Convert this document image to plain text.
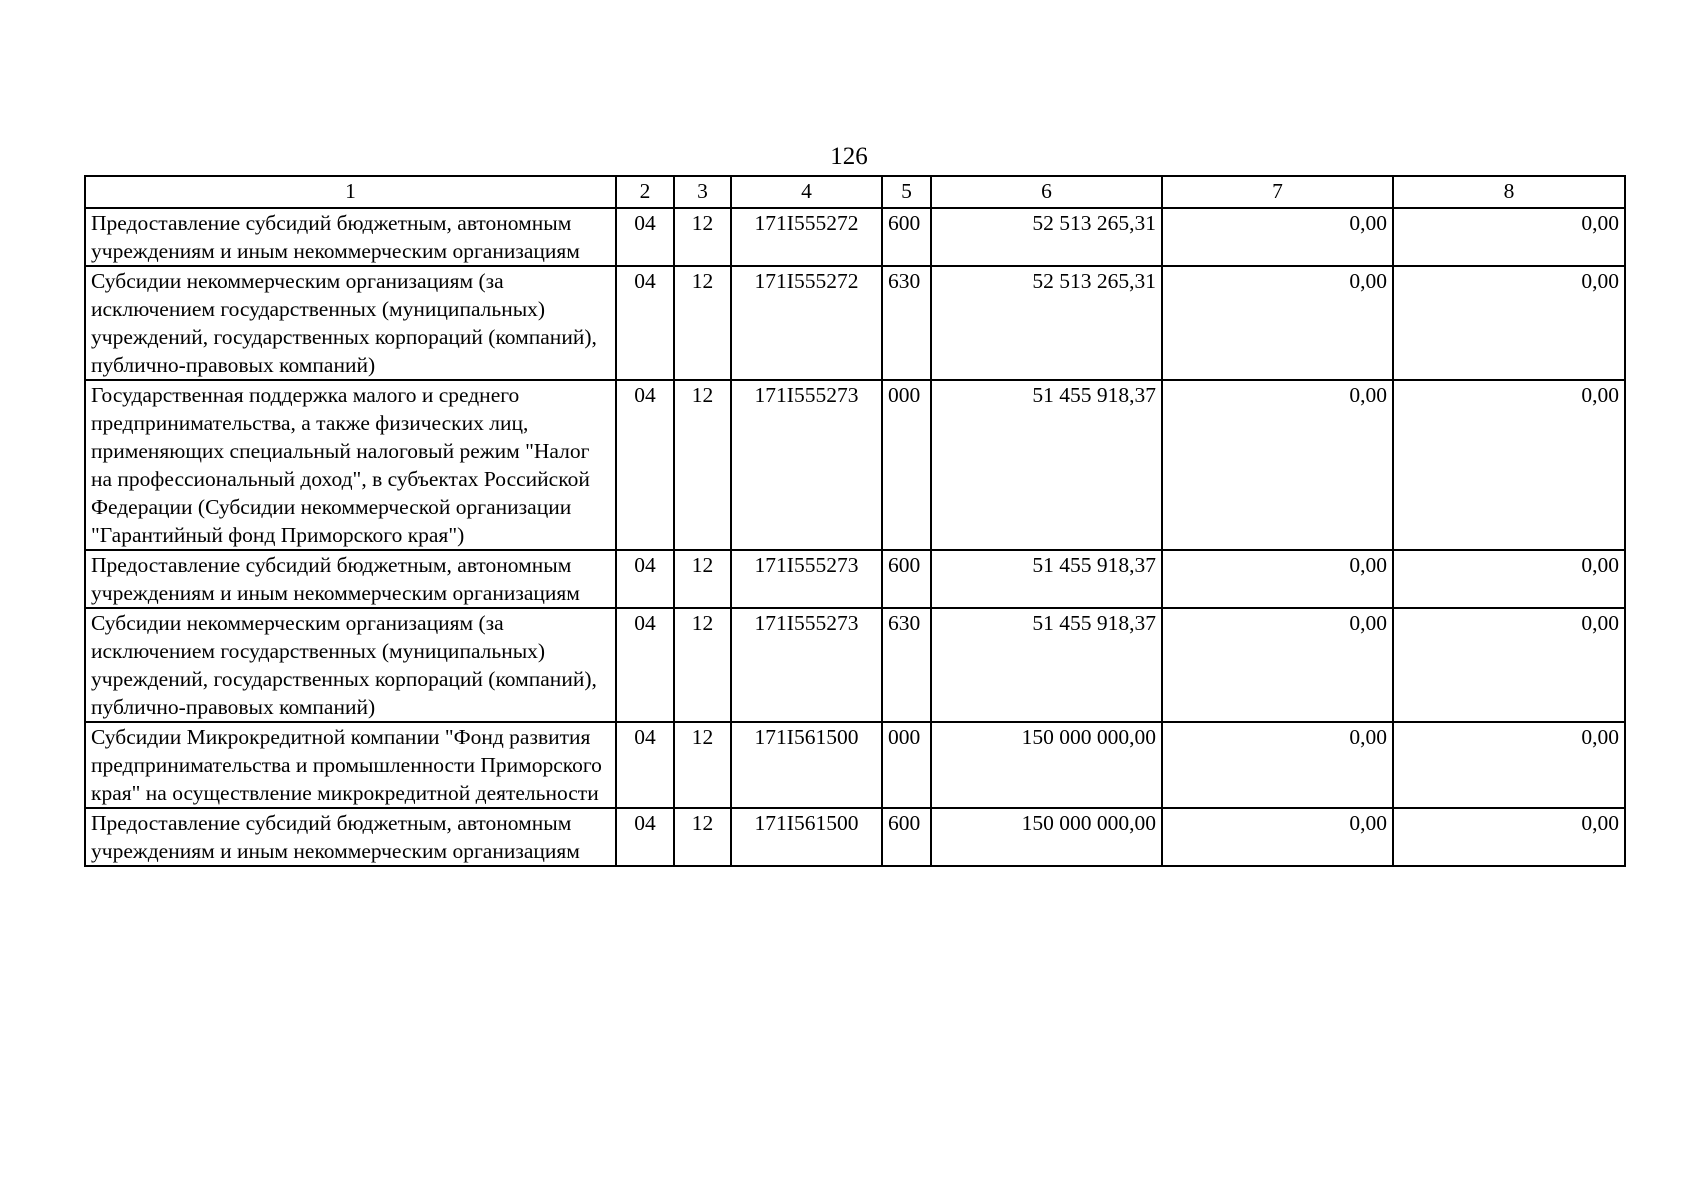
126
1	2	3	4	5	6	7	8
Предоставление субсидий бюджетным, автономным учреждениям и иным некоммерческим организациям	04	12	171I555272	600	52 513 265,31	0,00	0,00
Субсидии некоммерческим организациям (за исключением государственных (муниципальных) учреждений, государственных корпораций (компаний), публично-правовых компаний)	04	12	171I555272	630	52 513 265,31	0,00	0,00
Государственная поддержка малого и среднего предпринимательства, а также физических лиц, применяющих специальный налоговый режим "Налог на профессиональный доход", в субъектах Российской Федерации (Субсидии некоммерческой организации "Гарантийный фонд Приморского края")	04	12	171I555273	000	51 455 918,37	0,00	0,00
Предоставление субсидий бюджетным, автономным учреждениям и иным некоммерческим организациям	04	12	171I555273	600	51 455 918,37	0,00	0,00
Субсидии некоммерческим организациям (за исключением государственных (муниципальных) учреждений, государственных корпораций (компаний), публично-правовых компаний)	04	12	171I555273	630	51 455 918,37	0,00	0,00
Субсидии Микрокредитной компании "Фонд развития предпринимательства и промышленности Приморского края" на осуществление микрокредитной деятельности	04	12	171I561500	000	150 000 000,00	0,00	0,00
Предоставление субсидий бюджетным, автономным учреждениям и иным некоммерческим организациям	04	12	171I561500	600	150 000 000,00	0,00	0,00
